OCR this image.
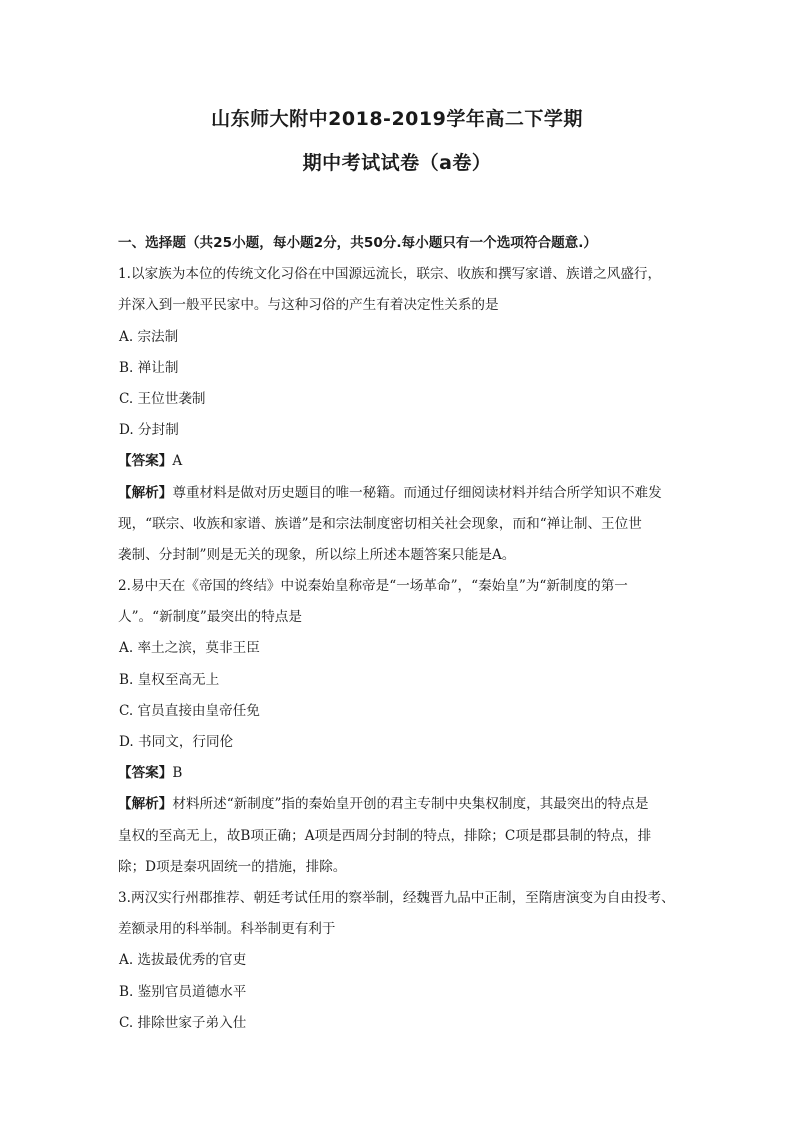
山东师大附中2018-2019学年高二下学期
期中考试试卷（a卷）
一、选择题（共25小题，每小题2分，共50分.每小题只有一个选项符合题意.）
1.以家族为本位的传统文化习俗在中国源远流长，联宗、收族和撰写家谱、族谱之风盛行，
并深入到一般平民家中。与这种习俗的产生有着决定性关系的是
A. 宗法制
B. 禅让制
C. 王位世袭制
D. 分封制
【答案】A
【解析】尊重材料是做对历史题目的唯一秘籍。而通过仔细阅读材料并结合所学知识不难发
现，“联宗、收族和家谱、族谱”是和宗法制度密切相关社会现象，而和“禅让制、王位世
袭制、分封制”则是无关的现象，所以综上所述本题答案只能是A。
2.易中天在《帝国的终结》中说秦始皇称帝是“一场革命”，“秦始皇”为“新制度的第一
人”。“新制度”最突出的特点是
A. 率土之滨，莫非王臣
B. 皇权至高无上
C. 官员直接由皇帝任免
D. 书同文，行同伦
【答案】B
【解析】材料所述“新制度”指的秦始皇开创的君主专制中央集权制度，其最突出的特点是
皇权的至高无上，故B项正确；A项是西周分封制的特点，排除；C项是郡县制的特点，排
除；D项是秦巩固统一的措施，排除。
3.两汉实行州郡推荐、朝廷考试任用的察举制，经魏晋九品中正制，至隋唐演变为自由投考、
差额录用的科举制。科举制更有利于
A. 选拔最优秀的官吏
B. 鉴别官员道德水平
C. 排除世家子弟入仕
